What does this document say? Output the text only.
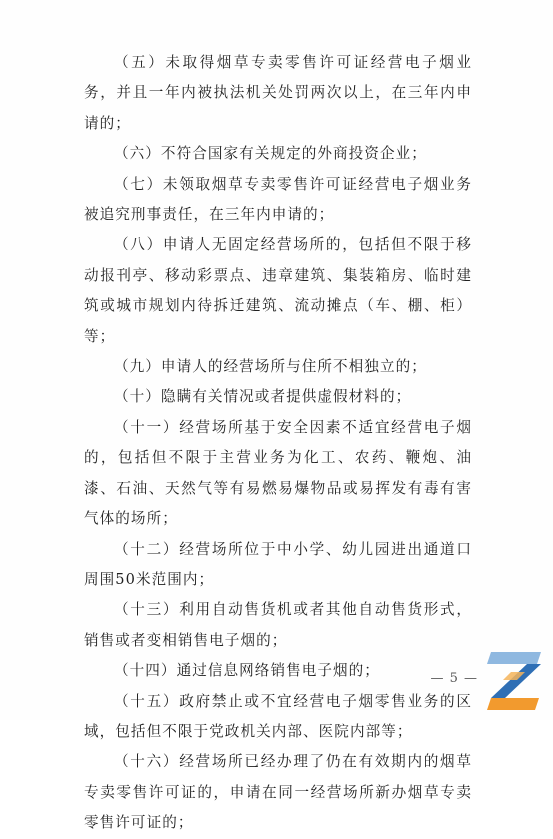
（五）未取得烟草专卖零售许可证经营电子烟业务，并且一年内被执法机关处罚两次以上，在三年内申请的；

（六）不符合国家有关规定的外商投资企业；

（七）未领取烟草专卖零售许可证经营电子烟业务被追究刑事责任，在三年内申请的；

（八）申请人无固定经营场所的，包括但不限于移动报刊亭、移动彩票点、违章建筑、集装箱房、临时建筑或城市规划内待拆迁建筑、流动摊点（车、棚、柜）等；

（九）申请人的经营场所与住所不相独立的；

（十）隐瞒有关情况或者提供虚假材料的；

（十一）经营场所基于安全因素不适宜经营电子烟的，包括但不限于主营业务为化工、农药、鞭炮、油漆、石油、天然气等有易燃易爆物品或易挥发有毒有害气体的场所；

（十二）经营场所位于中小学、幼儿园进出通道口周围50米范围内；

（十三）利用自动售货机或者其他自动售货形式，销售或者变相销售电子烟的；

（十四）通过信息网络销售电子烟的；

（十五）政府禁止或不宜经营电子烟零售业务的区域，包括但不限于党政机关内部、医院内部等；

（十六）经营场所已经办理了仍在有效期内的烟草专卖零售许可证的，申请在同一经营场所新办烟草专卖零售许可证的；

— 5 —
